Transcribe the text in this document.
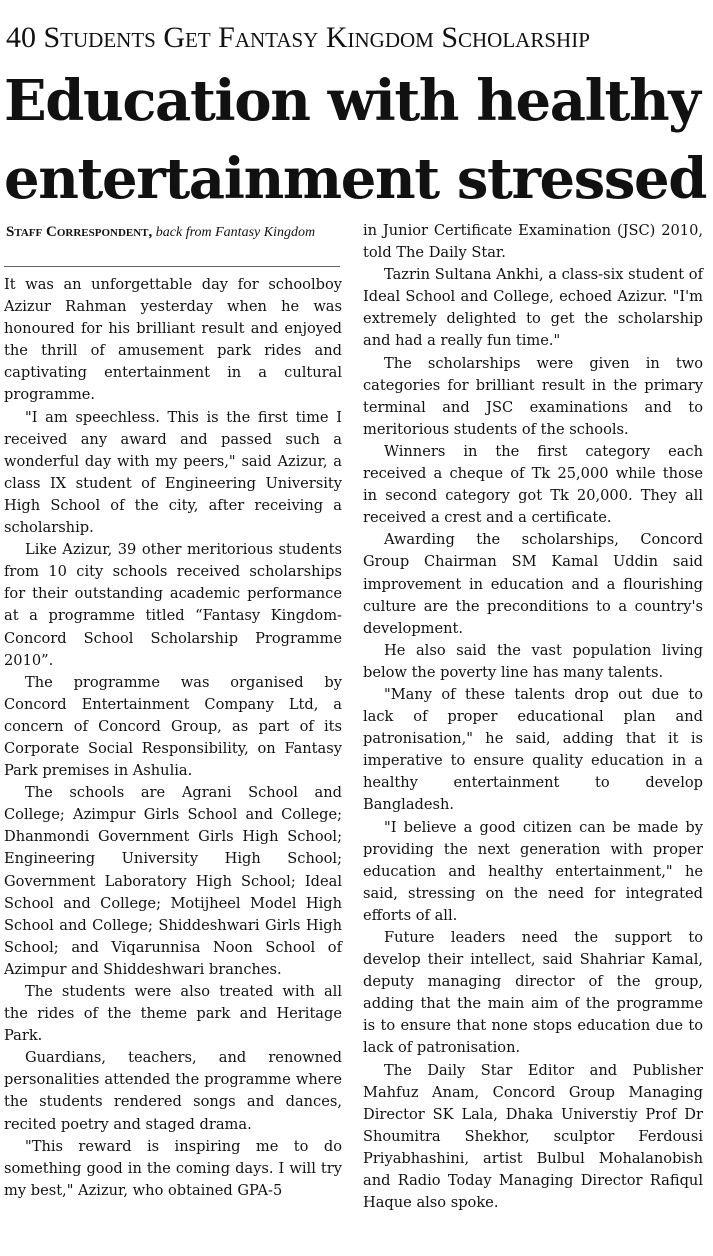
40 Students Get Fantasy Kingdom Scholarship
Education with healthy
entertainment stressed
Staff Correspondent, back from Fantasy Kingdom

It was an unforgettable day for schoolboy Azizur Rahman yesterday when he was honoured for his brilliant result and enjoyed the thrill of amusement park rides and captivating entertainment in a cultural programme.

"I am speechless. This is the first time I received any award and passed such a wonderful day with my peers," said Azizur, a class IX student of Engineering University High School of the city, after receiving a scholarship.

Like Azizur, 39 other meritorious students from 10 city schools received scholarships for their outstanding academic performance at a programme titled “Fantasy Kingdom-Concord School Scholarship Programme 2010”.

The programme was organised by Concord Entertainment Company Ltd, a concern of Concord Group, as part of its Corporate Social Responsibility, on Fantasy Park premises in Ashulia.

The schools are Agrani School and College; Azimpur Girls School and College; Dhanmondi Government Girls High School; Engineering University High School; Government Laboratory High School; Ideal School and College; Motijheel Model High School and College; Shiddeshwari Girls High School; and Viqarunnisa Noon School of Azimpur and Shiddeshwari branches.

The students were also treated with all the rides of the theme park and Heritage Park.

Guardians, teachers, and renowned personalities attended the programme where the students rendered songs and dances, recited poetry and staged drama.

"This reward is inspiring me to do something good in the coming days. I will try my best," Azizur, who obtained GPA-5

in Junior Certificate Examination (JSC) 2010, told The Daily Star.

Tazrin Sultana Ankhi, a class-six student of Ideal School and College, echoed Azizur. "I'm extremely delighted to get the scholarship and had a really fun time."

The scholarships were given in two categories for brilliant result in the primary terminal and JSC examinations and to meritorious students of the schools.

Winners in the first category each received a cheque of Tk 25,000 while those in second category got Tk 20,000. They all received a crest and a certificate.

Awarding the scholarships, Concord Group Chairman SM Kamal Uddin said improvement in education and a flourishing culture are the preconditions to a country's development.

He also said the vast population living below the poverty line has many talents.

"Many of these talents drop out due to lack of proper educational plan and patronisation," he said, adding that it is imperative to ensure quality education in a healthy entertainment to develop Bangladesh.

"I believe a good citizen can be made by providing the next generation with proper education and healthy entertainment," he said, stressing on the need for integrated efforts of all.

Future leaders need the support to develop their intellect, said Shahriar Kamal, deputy managing director of the group, adding that the main aim of the programme is to ensure that none stops education due to lack of patronisation.

The Daily Star Editor and Publisher Mahfuz Anam, Concord Group Managing Director SK Lala, Dhaka Universtiy Prof Dr Shoumitra Shekhor, sculptor Ferdousi Priyabhashini, artist Bulbul Mohalanobish and Radio Today Managing Director Rafiqul Haque also spoke.
